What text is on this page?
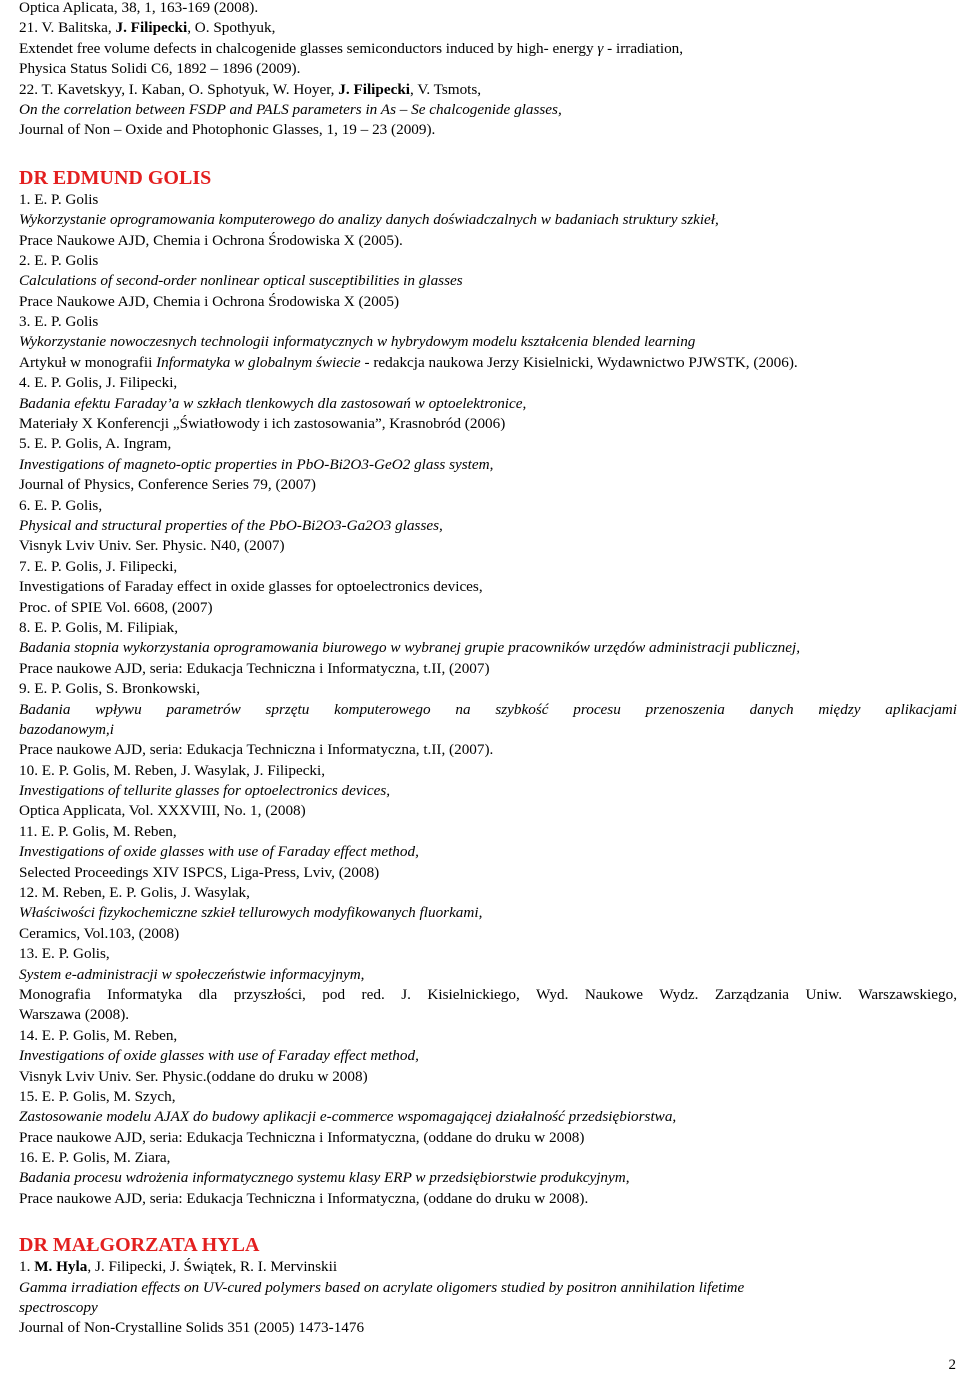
Optica Aplicata, 38, 1, 163-169 (2008).
21. V. Balitska, J. Filipecki, O. Spothyuk,
Extendet free volume defects in chalcogenide glasses semiconductors induced by high- energy γ - irradiation,
Physica Status Solidi C6, 1892 – 1896 (2009).
22. T. Kavetskyy, I. Kaban, O. Sphotyuk, W. Hoyer, J. Filipecki, V. Tsmots,
On the correlation between FSDP and PALS parameters in As – Se chalcogenide glasses,
Journal of Non – Oxide and Photophonic Glasses, 1, 19 – 23 (2009).
DR EDMUND GOLIS
1. E. P. Golis
Wykorzystanie oprogramowania komputerowego do analizy danych doświadczalnych w badaniach struktury szkieł,
Prace Naukowe AJD, Chemia i Ochrona Środowiska X (2005).
2. E. P. Golis
Calculations of second-order nonlinear optical susceptibilities in glasses
Prace Naukowe AJD, Chemia i Ochrona Środowiska X (2005)
3. E. P. Golis
Wykorzystanie nowoczesnych technologii informatycznych w hybrydowym modelu kształcenia blended learning
Artykuł w monografii Informatyka w globalnym świecie - redakcja naukowa Jerzy Kisielnicki, Wydawnictwo PJWSTK, (2006).
4. E. P. Golis, J. Filipecki,
Badania efektu Faraday’a w szkłach tlenkowych dla zastosowań w optoelektronice,
Materiały X Konferencji „Światłowody i ich zastosowania”, Krasnobród (2006)
5. E. P. Golis, A. Ingram,
Investigations of magneto-optic properties in PbO-Bi2O3-GeO2 glass system,
Journal of Physics, Conference Series 79, (2007)
6. E. P. Golis,
Physical and structural properties of the PbO-Bi2O3-Ga2O3 glasses,
Visnyk Lviv Univ. Ser. Physic. N40, (2007)
7. E. P. Golis, J. Filipecki,
Investigations of Faraday effect in oxide glasses for optoelectronics devices,
Proc. of SPIE Vol. 6608, (2007)
8. E. P. Golis, M. Filipiak,
Badania stopnia wykorzystania oprogramowania biurowego w wybranej grupie pracowników urzędów administracji publicznej,
Prace naukowe AJD, seria: Edukacja Techniczna i Informatyczna, t.II, (2007)
9. E. P. Golis, S. Bronkowski,
Badania wpływu parametrów sprzętu komputerowego na szybkość procesu przenoszenia danych między aplikacjami
bazodanowym,i
Prace naukowe AJD, seria: Edukacja Techniczna i Informatyczna, t.II, (2007).
10. E. P. Golis, M. Reben, J. Wasylak, J. Filipecki,
Investigations of tellurite glasses for optoelectronics devices,
Optica Applicata, Vol. XXXVIII, No. 1, (2008)
11. E. P. Golis, M. Reben,
Investigations of oxide glasses with use of Faraday effect method,
Selected Proceedings XIV ISPCS, Liga-Press, Lviv, (2008)
12. M. Reben, E. P. Golis, J. Wasylak,
Właściwości fizykochemiczne szkieł tellurowych modyfikowanych fluorkami,
Ceramics, Vol.103, (2008)
13. E. P. Golis,
System e-administracji w społeczeństwie informacyjnym,
Monografia Informatyka dla przyszłości, pod red. J. Kisielnickiego, Wyd. Naukowe Wydz. Zarządzania Uniw. Warszawskiego,
Warszawa (2008).
14. E. P. Golis, M. Reben,
Investigations of oxide glasses with use of Faraday effect method,
Visnyk Lviv Univ. Ser. Physic.(oddane do druku w 2008)
15. E. P. Golis, M. Szych,
Zastosowanie modelu AJAX do budowy aplikacji e-commerce wspomagającej działalność przedsiębiorstwa,
Prace naukowe AJD, seria: Edukacja Techniczna i Informatyczna, (oddane do druku w 2008)
16. E. P. Golis, M. Ziara,
Badania procesu wdrożenia informatycznego systemu klasy ERP w przedsiębiorstwie produkcyjnym,
Prace naukowe AJD, seria: Edukacja Techniczna i Informatyczna, (oddane do druku w 2008).
DR MAŁGORZATA HYLA
1. M. Hyla, J. Filipecki, J. Świątek, R. I. Mervinskii
Gamma irradiation effects on UV-cured polymers based on acrylate oligomers studied by positron annihilation lifetime
spectroscopy
Journal of Non-Crystalline Solids 351 (2005) 1473-1476
2
